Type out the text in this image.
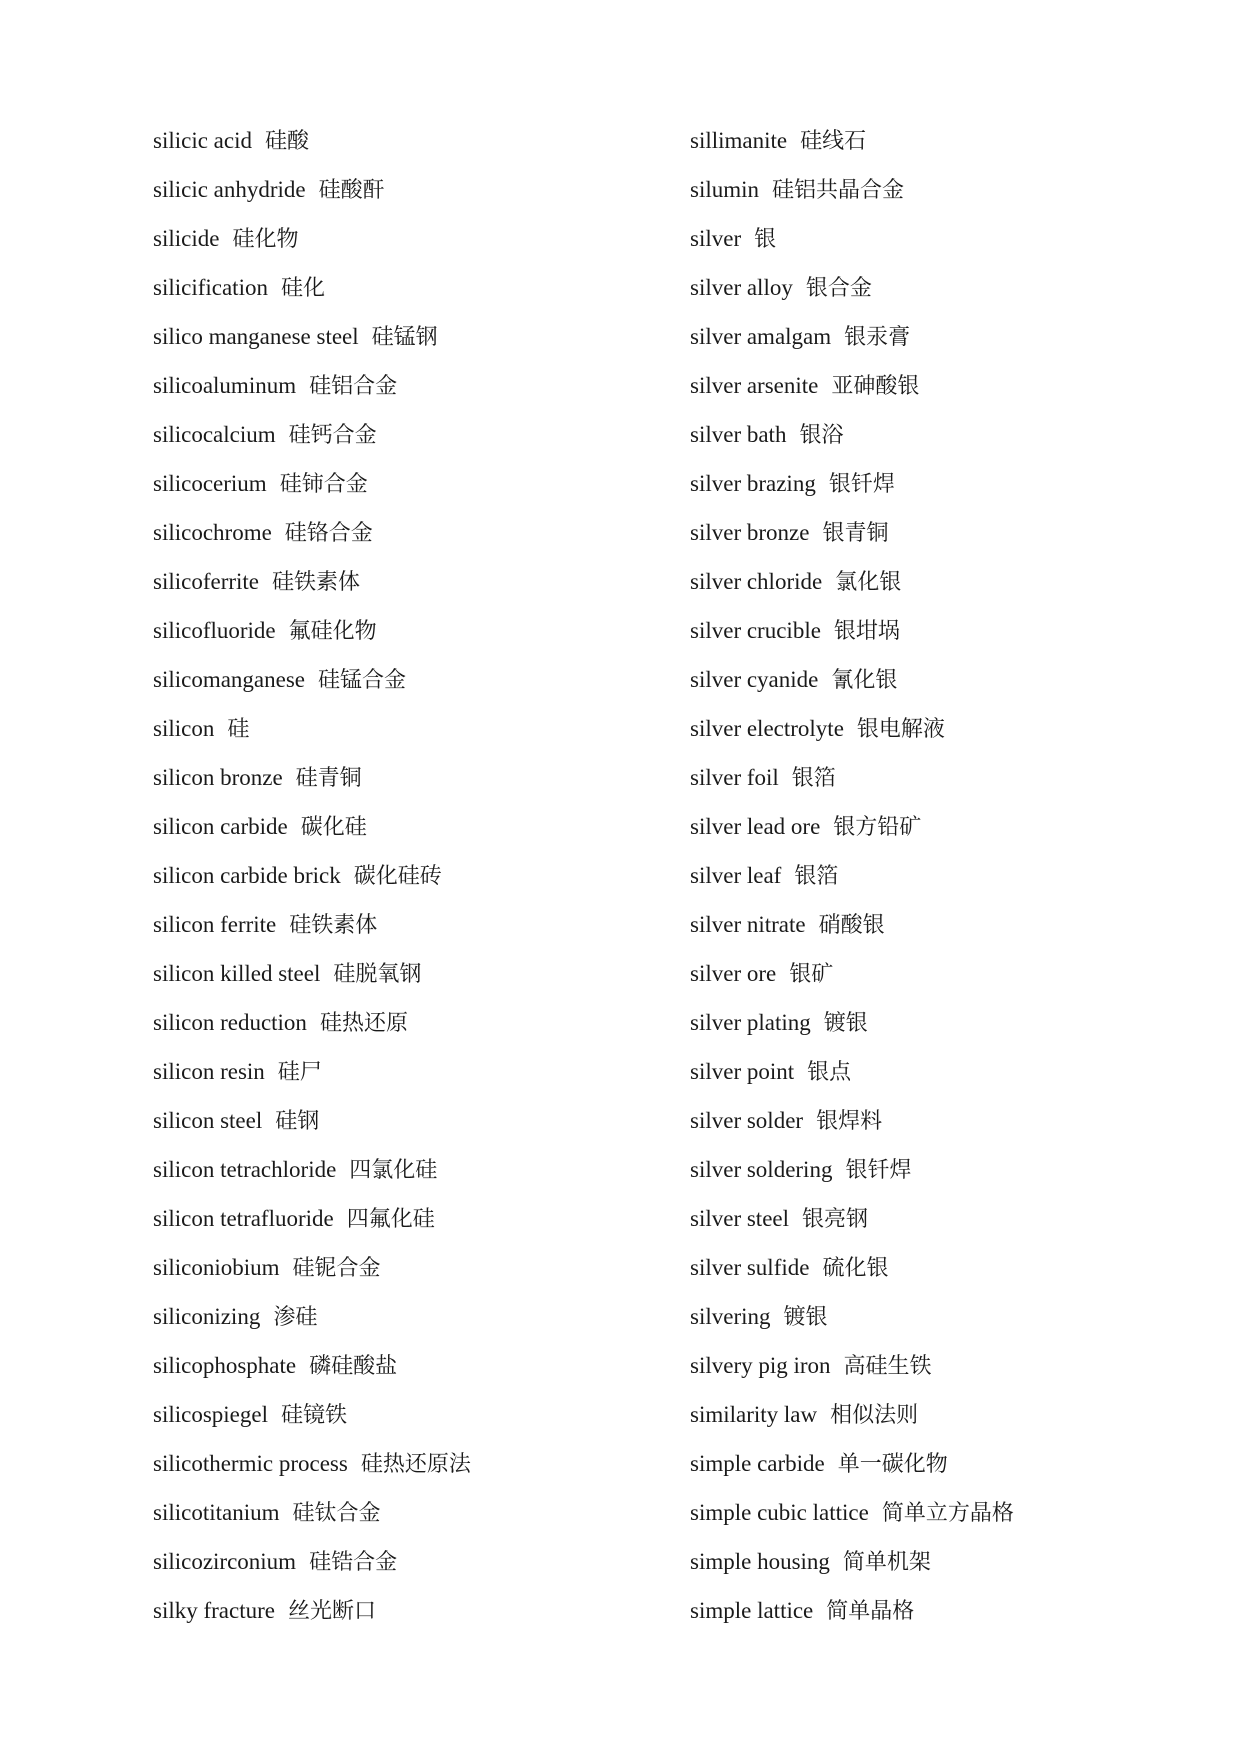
silicic acid 硅酸
silicic anhydride 硅酸酐
silicide 硅化物
silicification 硅化
silico manganese steel 硅锰钢
silicoaluminum 硅铝合金
silicocalcium 硅钙合金
silicocerium 硅铈合金
silicochrome 硅铬合金
silicoferrite 硅铁素体
silicofluoride 氟硅化物
silicomanganese 硅锰合金
silicon 硅
silicon bronze 硅青铜
silicon carbide 碳化硅
silicon carbide brick 碳化硅砖
silicon ferrite 硅铁素体
silicon killed steel 硅脱氧钢
silicon reduction 硅热还原
silicon resin 硅尸
silicon steel 硅钢
silicon tetrachloride 四氯化硅
silicon tetrafluoride 四氟化硅
siliconiobium 硅铌合金
siliconizing 渗硅
silicophosphate 磷硅酸盐
silicospiegel 硅镜铁
silicothermic process 硅热还原法
silicotitanium 硅钛合金
silicozirconium 硅锆合金
silky fracture 丝光断口
sillimanite 硅线石
silumin 硅铝共晶合金
silver 银
silver alloy 银合金
silver amalgam 银汞膏
silver arsenite 亚砷酸银
silver bath 银浴
silver brazing 银钎焊
silver bronze 银青铜
silver chloride 氯化银
silver crucible 银坩埚
silver cyanide 氰化银
silver electrolyte 银电解液
silver foil 银箔
silver lead ore 银方铅矿
silver leaf 银箔
silver nitrate 硝酸银
silver ore 银矿
silver plating 镀银
silver point 银点
silver solder 银焊料
silver soldering 银钎焊
silver steel 银亮钢
silver sulfide 硫化银
silvering 镀银
silvery pig iron 高硅生铁
similarity law 相似法则
simple carbide 单一碳化物
simple cubic lattice 简单立方晶格
simple housing 简单机架
simple lattice 简单晶格
